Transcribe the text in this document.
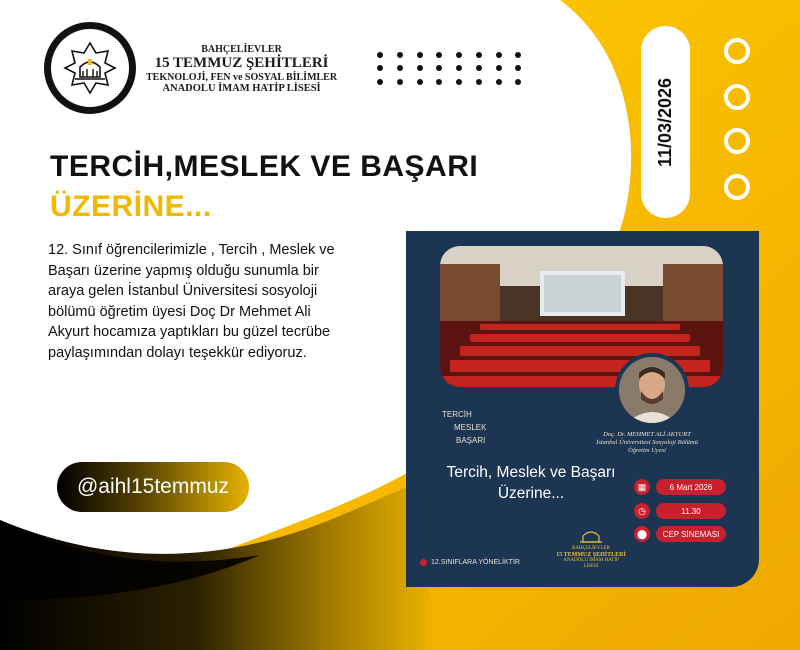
BAHÇELİEVLER
15 TEMMUZ ŞEHİTLERİ
TEKNOLOJİ, FEN ve SOSYAL BİLİMLER
ANADOLU İMAM HATİP LİSESİ	11/03/2026
TERCİH,MESLEK VE BAŞARI
ÜZERİNE...
12. Sınıf öğrencilerimizle , Tercih , Meslek ve Başarı üzerine yapmış olduğu sunumla bir araya gelen İstanbul Üniversitesi sosyoloji bölümü öğretim üyesi Doç Dr Mehmet Ali Akyurt hocamıza yaptıkları bu güzel tecrübe paylaşımından dolayı teşekkür ediyoruz.
@aihl15temmuz
Doç. Dr. MEHMET ALİ AKYURT
İstanbul Üniversitesi Sosyoloji Bölümü
Öğretim Üyesi
TERCİH
MESLEK
BAŞARI
Tercih, Meslek ve Başarı Üzerine...	▦	6 Mart 2026
◷	11.30
⬤	CEP SİNEMASI
BAHÇELİEVLER
15 TEMMUZ ŞEHİTLERİ
ANADOLU İMAM HATİP LİSESİ
12.SINIFLARA YÖNELİKTİR
